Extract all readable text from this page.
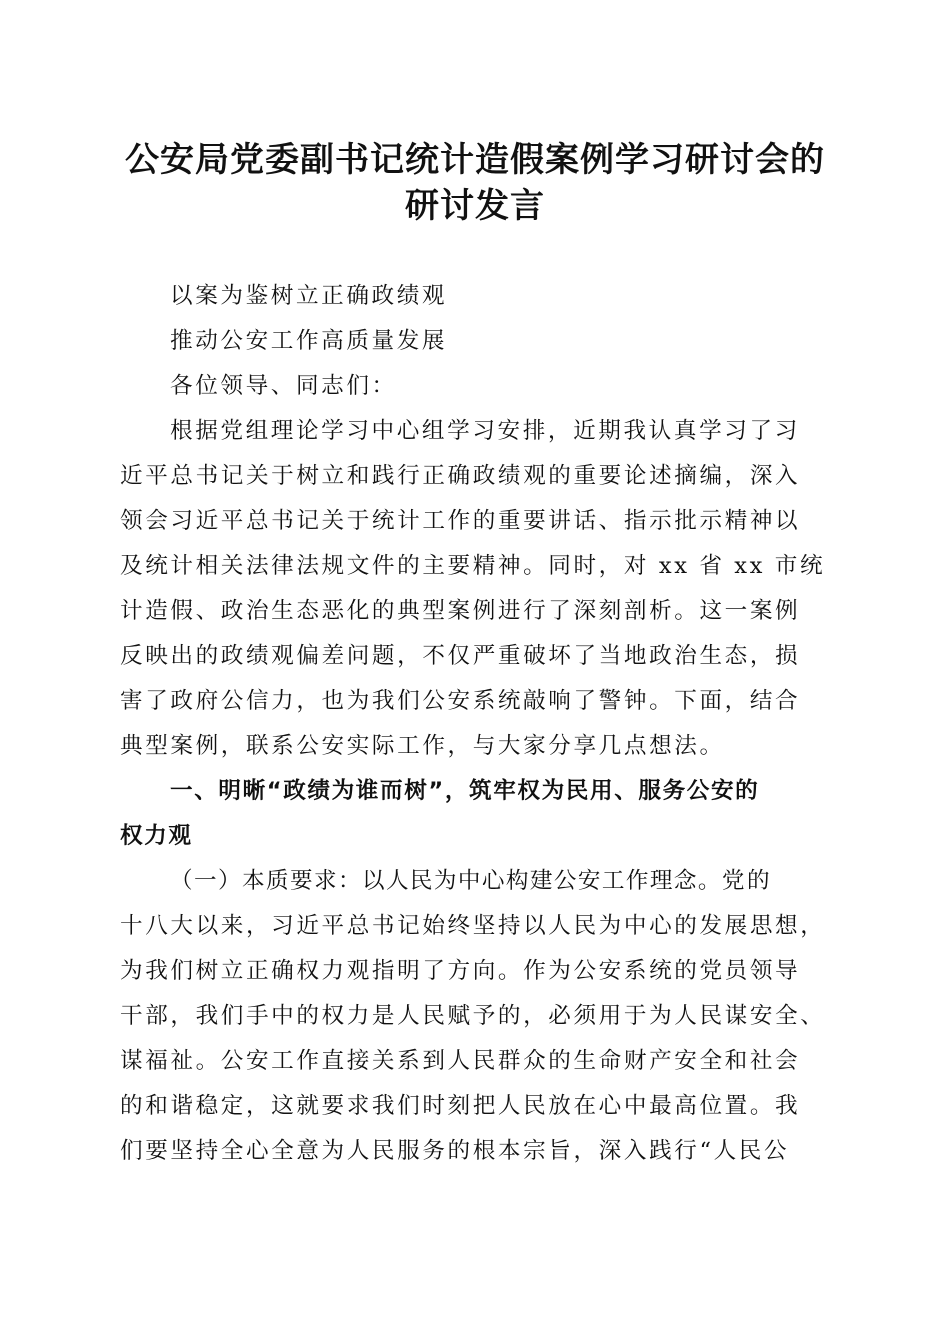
公安局党委副书记统计造假案例学习研讨会的
研讨发言
以案为鉴树立正确政绩观
推动公安工作高质量发展
各位领导、同志们：
根据党组理论学习中心组学习安排，近期我认真学习了习
近平总书记关于树立和践行正确政绩观的重要论述摘编，深入
领会习近平总书记关于统计工作的重要讲话、指示批示精神以
及统计相关法律法规文件的主要精神。同时，对 xx 省 xx 市统
计造假、政治生态恶化的典型案例进行了深刻剖析。这一案例
反映出的政绩观偏差问题，不仅严重破坏了当地政治生态，损
害了政府公信力，也为我们公安系统敲响了警钟。下面，结合
典型案例，联系公安实际工作，与大家分享几点想法。
一、明晰“政绩为谁而树”，筑牢权为民用、服务公安的
权力观
（一）本质要求：以人民为中心构建公安工作理念。党的
十八大以来，习近平总书记始终坚持以人民为中心的发展思想，
为我们树立正确权力观指明了方向。作为公安系统的党员领导
干部，我们手中的权力是人民赋予的，必须用于为人民谋安全、
谋福祉。公安工作直接关系到人民群众的生命财产安全和社会
的和谐稳定，这就要求我们时刻把人民放在心中最高位置。我
们要坚持全心全意为人民服务的根本宗旨，深入践行“人民公
